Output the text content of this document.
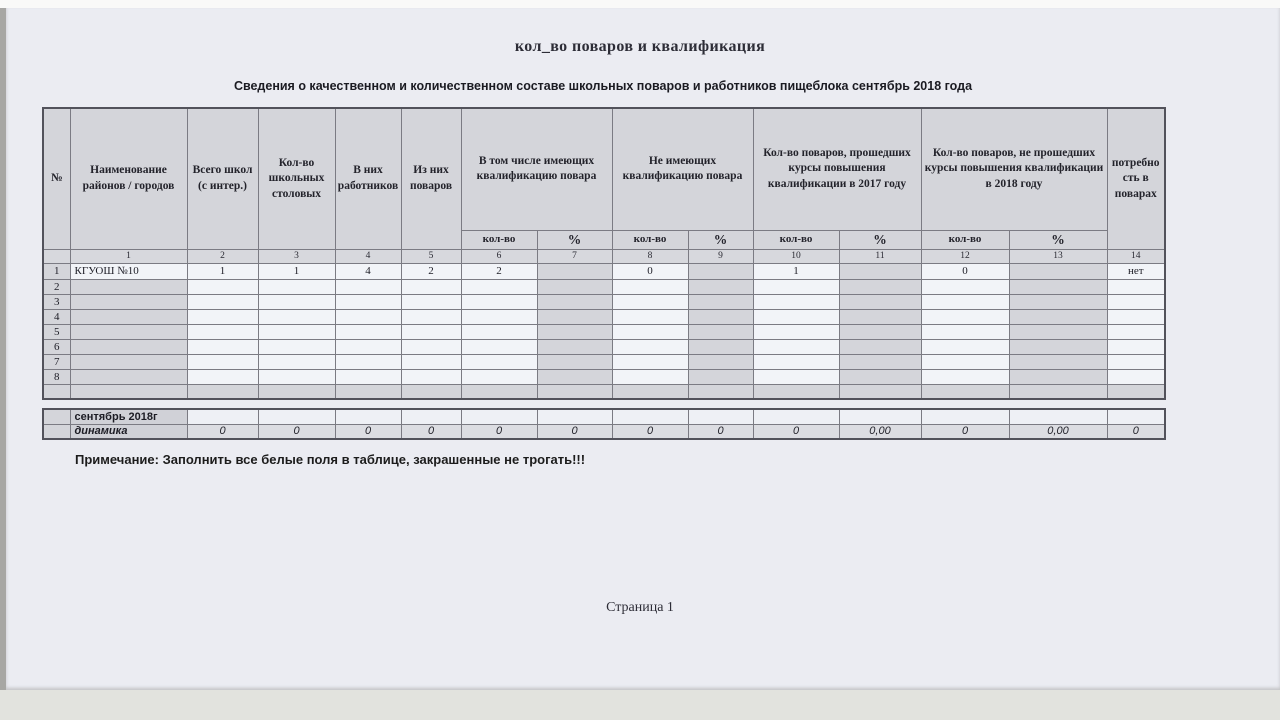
кол_во поваров и квалификация
Сведения о качественном и количественном составе школьных поваров и работников пищеблока сентябрь 2018 года
№	Наименование районов / городов	Всего школ (с интер.)	Кол-во школьных столовых	В них работников	Из них поваров	В том числе имеющих квалификацию повара		Не имеющих квалификацию повара		Кол-во поваров, прошедших курсы повышения квалификации в 2017 году		Кол-во поваров, не прошедших курсы повышения квалификации в 2018 году		потребность в поварах
						кол-во	%	кол-во	%	кол-во	%	кол-во	%	
	1	2	3	4	5	6	7	8	9	10	11	12	13	14
1	КГУОШ №10	1	1	4	2	2		0		1		0		нет
2														
3														
4														
5														
6														
7														
8														

	сентябрь 2018г													
	динамика	0	0	0	0	0	0	0	0	0	0,00	0	0,00	0
Примечание: Заполнить все белые поля в таблице, закрашенные не трогать!!!
Страница 1
